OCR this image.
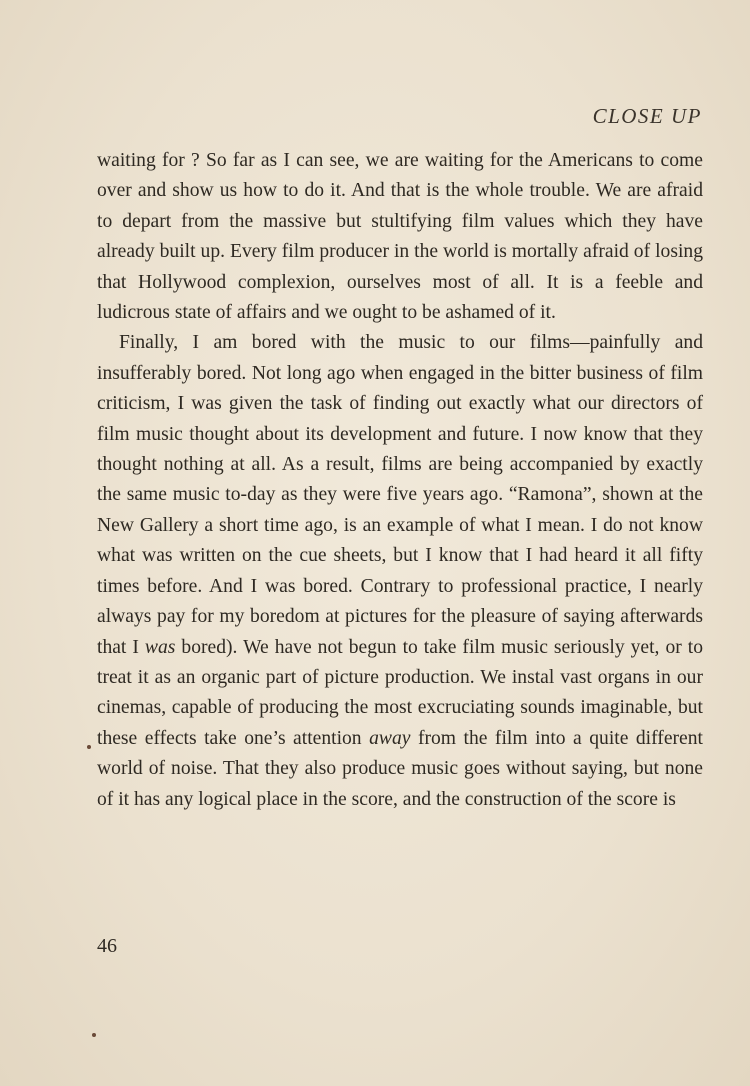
CLOSE UP

waiting for ? So far as I can see, we are waiting for the Americans to come over and show us how to do it. And that is the whole trouble. We are afraid to depart from the massive but stultifying film values which they have already built up. Every film producer in the world is mortally afraid of losing that Hollywood complexion, ourselves most of all. It is a feeble and ludicrous state of affairs and we ought to be ashamed of it.

Finally, I am bored with the music to our films—painfully and insufferably bored. Not long ago when engaged in the bitter business of film criticism, I was given the task of finding out exactly what our directors of film music thought about its development and future. I now know that they thought nothing at all. As a result, films are being accompanied by exactly the same music to-day as they were five years ago. “Ramona”, shown at the New Gallery a short time ago, is an example of what I mean. I do not know what was written on the cue sheets, but I know that I had heard it all fifty times before. And I was bored. Contrary to professional practice, I nearly always pay for my boredom at pictures for the pleasure of saying afterwards that I was bored). We have not begun to take film music seriously yet, or to treat it as an organic part of picture production. We instal vast organs in our cinemas, capable of producing the most excruciating sounds imaginable, but these effects take one’s attention away from the film into a quite different world of noise. That they also produce music goes without saying, but none of it has any logical place in the score, and the construction of the score is

46
